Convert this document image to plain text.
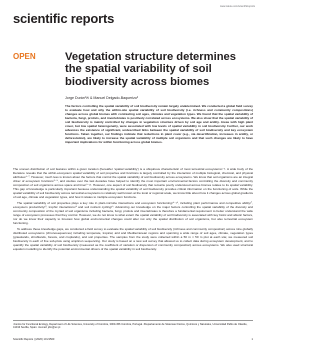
www.nature.com/scientificreports
scientific reports
OPEN	Vegetation structure determines the spatial variability of soil biodiversity across biomes
Jorge Durán¹✉ & Manuel Delgado-Baquerizo²

The factors controlling the spatial variability of soil biodiversity remain largely undetermined. We conducted a global field survey to evaluate how and why the within-site spatial variability of soil biodiversity (i.e. richness and community compositions) changes across global biomes with contrasting soil ages, climates and vegetation types. We found that the spatial variability of bacteria, fungi, protists, and invertebrates is positively correlated across ecosystems. We also show that the spatial variability of soil biodiversity is mainly controlled by changes in vegetation structure driven by soil age and aridity. Areas with high plant cover, but low spatial heterogeneity, were associated with low levels of spatial variability in soil biodiversity. Further, our work advances the existence of significant, undescribed links between the spatial variability of soil biodiversity and key ecosystem functions. Taken together, our findings indicate that reductions in plant cover (e.g., via desertification, increases in aridity, or deforestation), are likely to increase the spatial variability of multiple soil organisms and that such changes are likely to have important implications for within functioning across global biomes.

The uneven distribution of soil features within a given location (hereafter 'spatial variability') is a ubiquitous characteristic of most terrestrial ecosystems¹⁻³. A wide body of the literature reveals that the within-ecosystem spatial variability of soil properties and functions is largely controlled by the interaction of multiple biological, chemical, and physical attributes⁴⁻⁷. However, much less is known about the factors that control the spatial variability of soil biodiversity across ecosystems. We know that soil organisms are an integral driver of ecosystem functions⁸⁻⁹, and studies over the last decades have helped to identify the most important environmental factors controlling the diversity and community composition of soil organisms across space and time¹⁰⁻¹³. However, one aspect of soil biodiversity that remains poorly understood across biomes relates to its spatial variability. This gap of knowledge is particularly important because understanding the spatial variability of soil biodiversity provides critical information on the functioning of soils. While the spatial variability of soil biodiversity across terrestrial ecosystems is relatively well known at the local or regional scale, we know little about how it changes across global gradients of soil age, climate and vegetation types, and how it relates to multiple ecosystem functions.

The spatial variability of soil properties plays a key role in plant-microbe interactions and ecosystem functioning¹⁴⁻¹⁶, including plant performance and competitive ability¹⁷, ecosystem productivity¹⁸, trophic interactions¹⁹ and soil nutrient cycling²⁰. Advancing our knowledge on the major factors controlling the spatial variability of the diversity and community composition of the myriad of soil organisms including bacteria, fungi, protists and invertebrates is therefore a fundamental requirement to better understand the wide range of ecosystem processes that they control. However, we do not know to what extent the spatial variability of soil biodiversity is associated with key biotic and abiotic factors, nor do we know their capacity to forecast how global environmental changes could alter not only the spatial distribution of soil organisms, but also terrestrial ecosystem functioning.

To address these knowledge gaps, we conducted a field survey to evaluate the spatial variability of soil biodiversity (richness and community composition) across nine globally distributed ecosystems (chronosequences) including temperate, tropical, arid and Mediterranean regions and spanning a wide range of soil ages, climate, vegetation types (grasslands, shrublands, forests, and croplands), and soil properties. The samples from the study were collected within a 50 m × 50 m plot at each site; we measured soil biodiversity in each of five sub-plots using amplicon sequencing. Our study is based on a new soil survey that allowed us to collect data during ecosystem development, and to quantify the spatial variability of soil biodiversity (measured as the coefficient of variation or dispersion of community composition) across ecosystems. We also used structural equation modelling to identify the potential environmental drivers of the spatial variability in soil biodiversity.

¹Centre for Functional Ecology, Department of Life Sciences, University of Coimbra, 3000-456 Coimbra, Portugal. ²Departamento de Sistemas Físicos, Químicos y Naturales, Universidad Pablo de Olavide, 41013 Sevilla, Spain. ✉email: jdm@uc.pt
Scientific Reports | (2020) 10:21500	1
